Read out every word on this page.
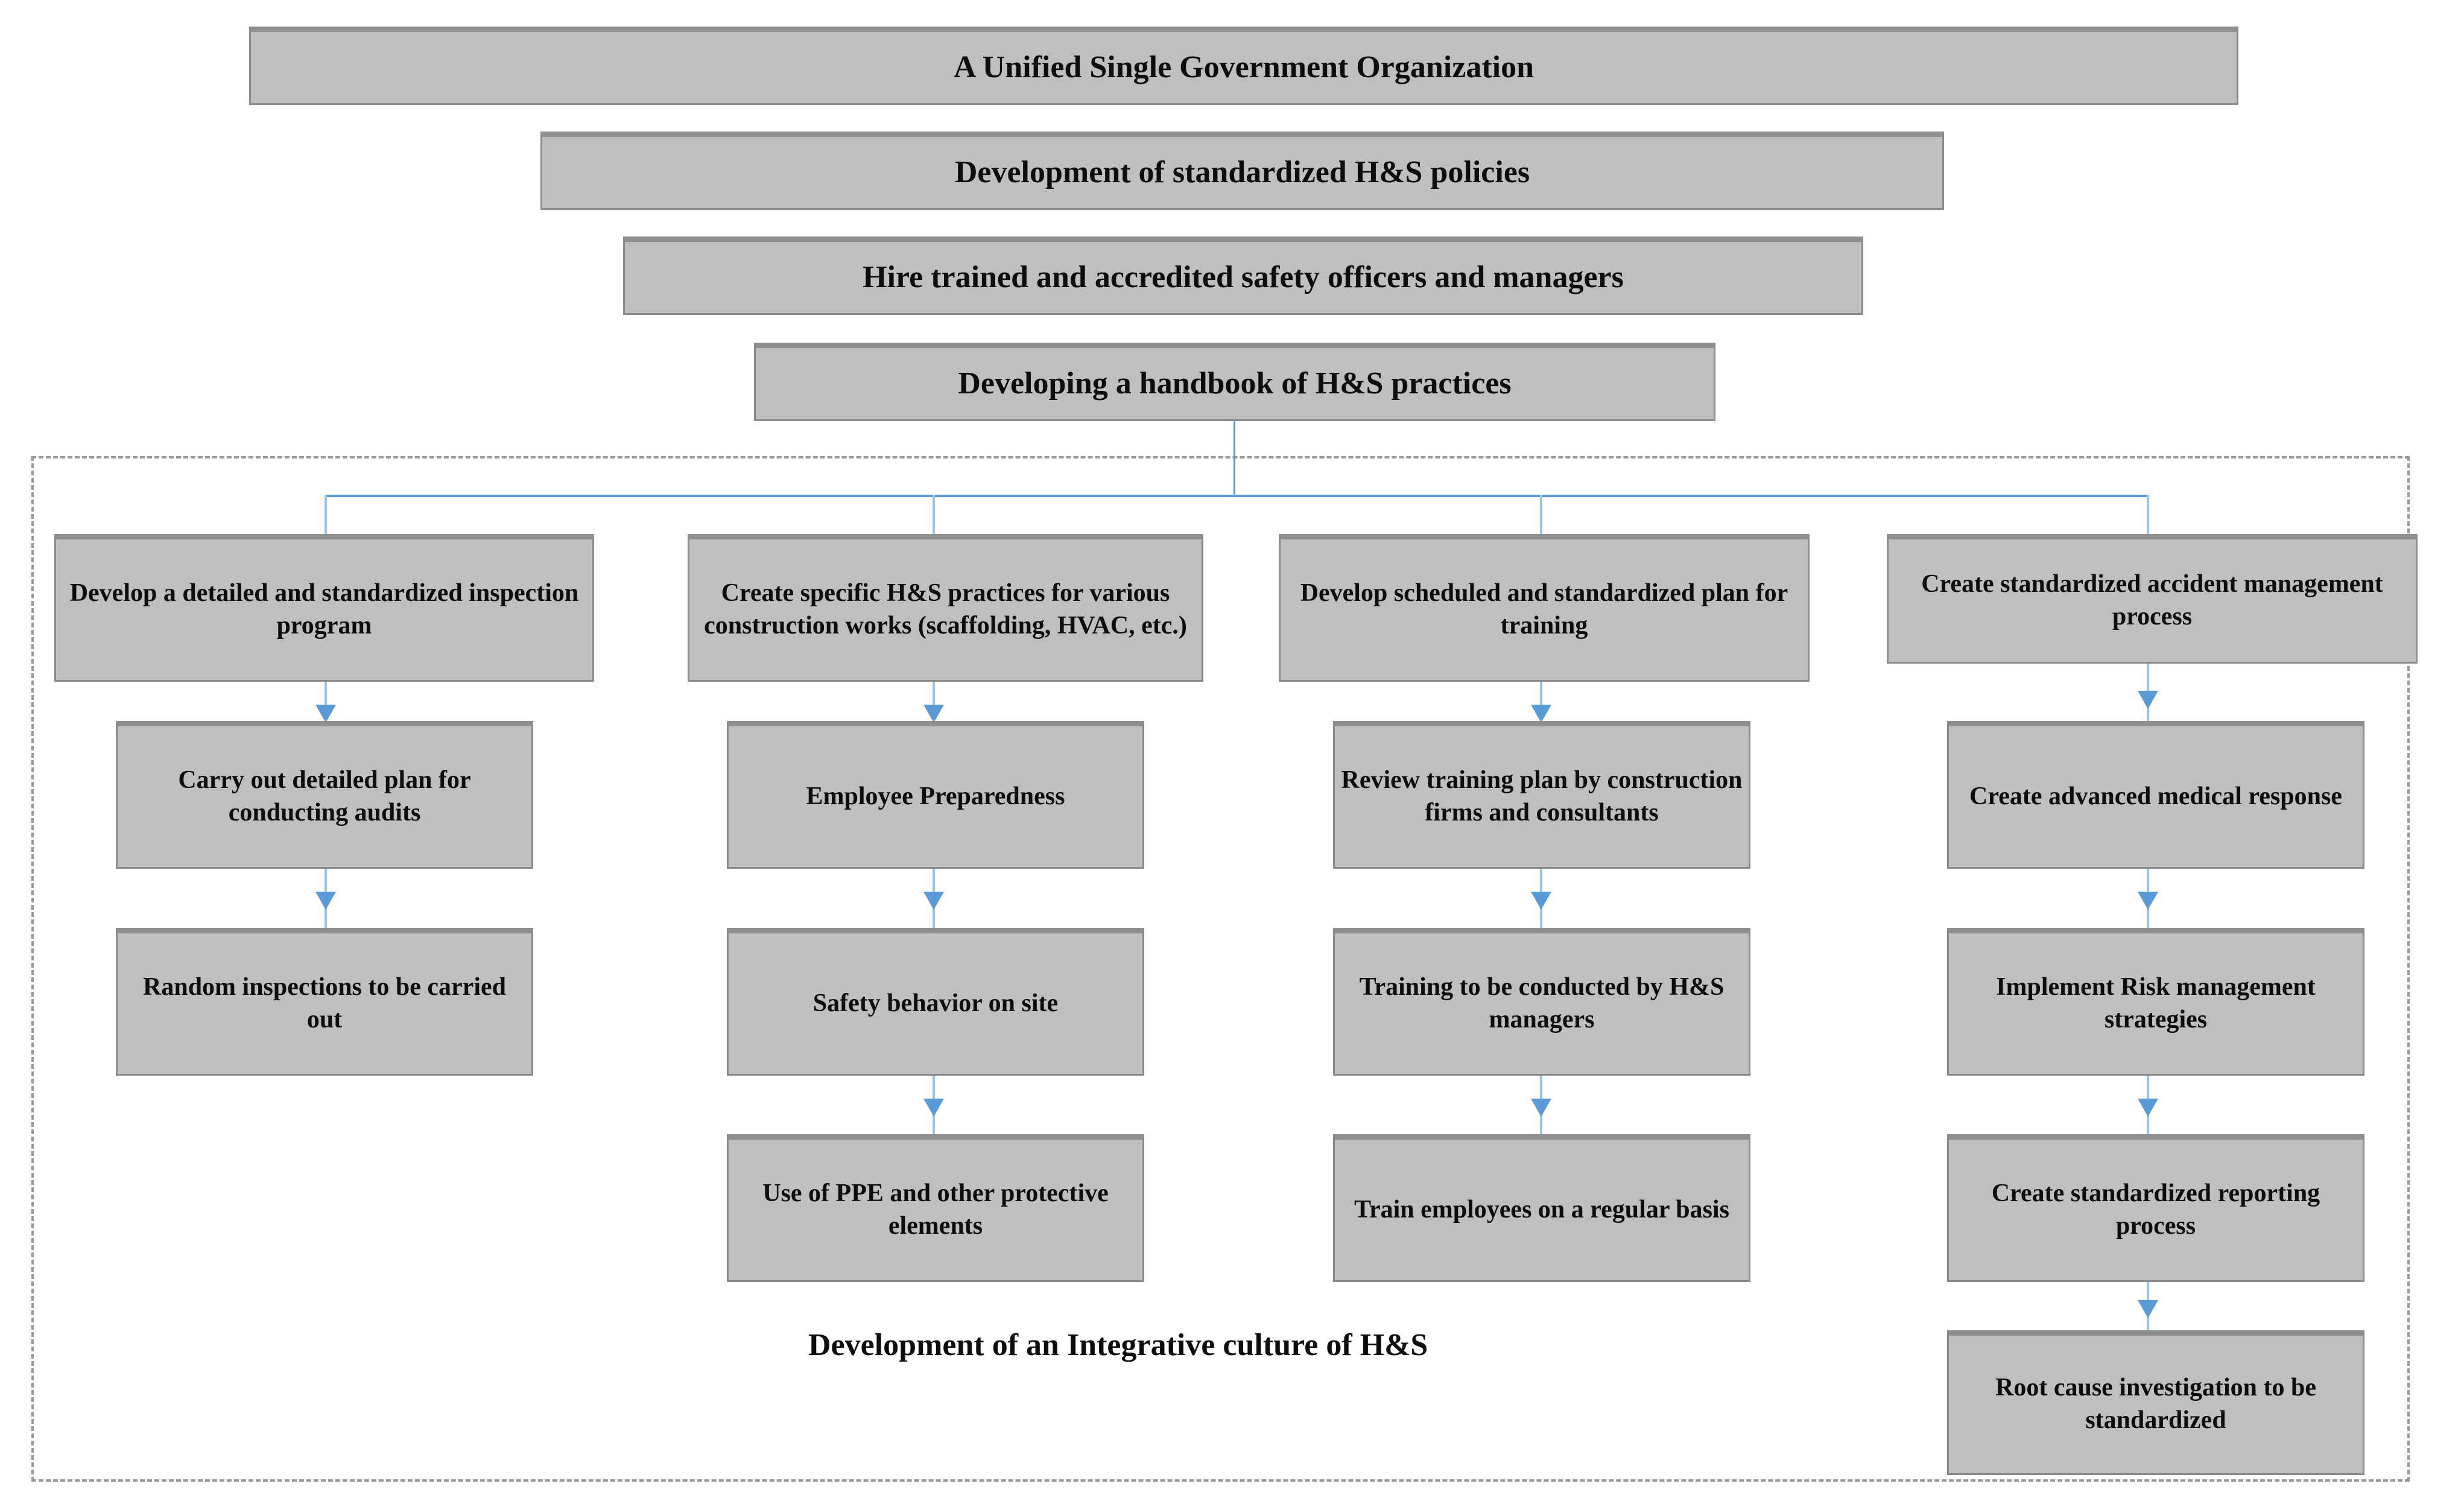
A Unified Single Government Organization
Development of standardized H&S policies
Hire trained and accredited safety officers and managers
Developing a handbook of H&S practices
Develop a detailed and standardized inspection program
Carry out detailed plan for conducting audits
Random inspections to be carried out
Create specific H&S practices for various construction works (scaffolding, HVAC, etc.)
Employee Preparedness
Safety behavior on site
Use of PPE and other protective elements
Develop scheduled and standardized plan for training
Review training plan by construction firms and consultants
Training to be conducted by H&S managers
Train employees on a regular basis
Create standardized accident management process
Create advanced medical response
Implement Risk management strategies
Create standardized reporting process
Root cause investigation to be standardized
Development of an Integrative culture of H&S
